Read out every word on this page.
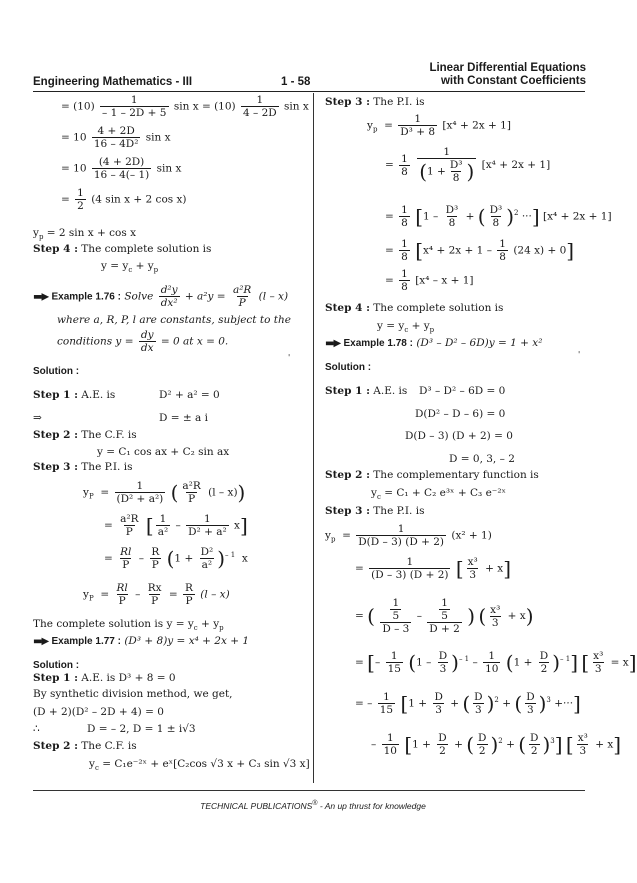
Linear Differential Equations
with Constant Coefficients
Engineering Mathematics - III	1 - 58
= $(10) \frac{1}{- 1 - 2D + 5}$ $\sin x = (10) \frac{1}{4 - 2D}$ sin x
= $10 \frac{4 + 2D}{\text{16 – 4D²}}$ sin x
= $10 \frac{(4 + 2D)}{16 - 4(- 1)}$ sin x
= $\frac{1}{2} (4$ sin x + 2 cos x)
$y_p = 2$ sin x + cos x
Step 4 : The complete solution is
$y = y_c + y_p$
▬▶ Example 1.76 : Solve $\frac{\text{d²y}}{\text{dx²}} + a^2y = \frac{\text{a²R}}{P} (l - x)$
where a, R, P, l are constants, subject to the
conditions $y = \frac{dy}{dx} = 0$ at x = 0.
Solution :
Step 1 : A.E. is	D² + a² = 0
⇒	D = ± a i
Step 2 : The C.F. is
y = C₁ cos ax + C₂ sin ax
Step 3 : The P.I. is
$y_P = \frac{1}{\text{(D² + a²)}}$ ( $\frac{\text{a²R}}{P} (l - x)$)
= $\frac{\text{a²R}}{P}$ [ $\frac{1}{\text{a²}} - \frac{1}{\text{D² + a²}} x$]
= $\frac{Rl}{P} - \frac{R}{P} (1 + \frac{\text{D²}}{\text{a²}} )^{- 1}$ x
$y_P = \frac{Rl}{P} - \frac{Rx}{P} = \frac{R}{P} (l - x)$
The complete solution is $y = y_c + y_p$
▬▶ Example 1.77 : (D³ + 8)y = x⁴ + 2x + 1
Solution :
Step 1 : A.E. is D³ + 8 = 0
By synthetic division method, we get,
(D + 2)(D² – 2D + 4) = 0
∴	D = – 2, D = 1 ± i√3
Step 2 : The C.F. is
$y_c$ = C₁e⁻²ˣ + eˣ[C₂cos √3 x + C₃ sin √3 x]
'	'
Step 3 : The P.I. is
$y_p = \frac{1}{\text{D³ + 8}} [x^4 + 2x + 1]$
= $\frac{1}{8}$
$\frac{1}{(1 + \frac{\text{D³}}{8} )} [x^4 + 2x + 1]$
= $\frac{1}{8} [1 - \frac{\text{D³}}{8}$ + ( $\frac{\text{D³}}{8} )^2$ ···] [x⁴ + 2x + 1]
= $\frac{1}{8} [x^4 + 2x + 1 - \frac{1}{8} (24$ x) + 0]
= $\frac{1}{8} [x^4 - x + 1]$
Step 4 : The complete solution is
$y = y_c + y_p$
▬▶ Example 1.78 : (D³ – D² – 6D)y = 1 + x²
Solution :
Step 1 : A.E. is D³ – D² – 6D = 0
D(D² – D – 6) = 0
D(D – 3) (D + 2) = 0
D = 0, 3, – 2
Step 2 : The complementary function is
$y_c = C_1 + C_2$ e³ˣ + C₃ e⁻²ˣ
Step 3 : The P.I. is
$y_p = \frac{1}{D(D - 3) (D + 2)} (x^2 + 1)$
= $\frac{1}{(D - 3) (D + 2)}$ [ $\frac{\text{x³}}{3} + x$]
= ( $\frac{\frac{1}{5}}{D - 3} - \frac{\frac{1}{5}}{D + 2}$ ) ( $\frac{\text{x³}}{3} + x$)
= [– $\frac{1}{15} (1 - \frac{D}{3} )^{- 1} - \frac{1}{10} (1 + \frac{D}{2} )^{- 1}$] [ $\frac{\text{x³}}{3} = x$]
= – $\frac{1}{15} [1 + \frac{D}{3}$ + ( $\frac{D}{3} )^2$ + ( $\frac{D}{3} )^3$ +···]
– $\frac{1}{10} [1 + \frac{D}{2}$ + ( $\frac{D}{2} )^2$ + ( $\frac{D}{2} )^3$] [ $\frac{\text{x³}}{3} + x$]
TECHNICAL PUBLICATIONS® - An up thrust for knowledge
